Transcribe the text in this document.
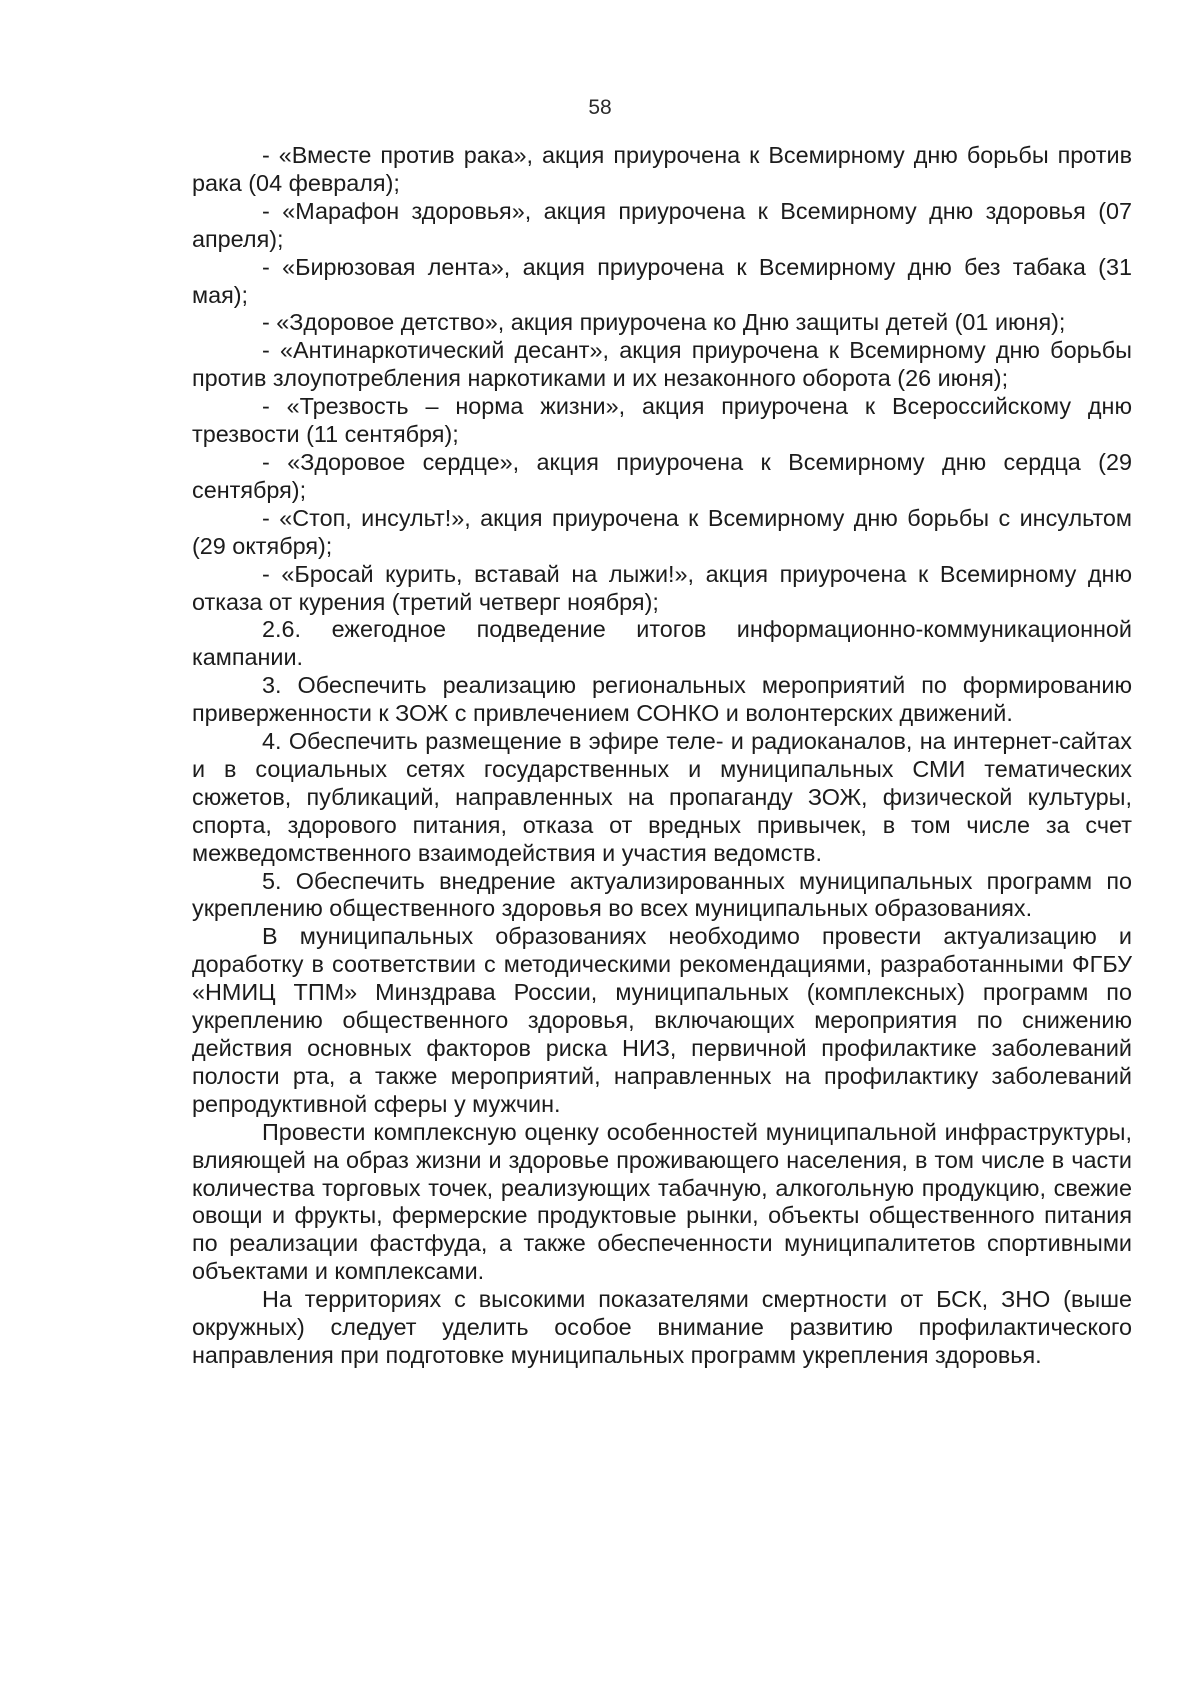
58

- «Вместе против рака», акция приурочена к Всемирному дню борьбы против рака (04 февраля);

- «Марафон здоровья», акция приурочена к Всемирному дню здоровья (07 апреля);

- «Бирюзовая лента», акция приурочена к Всемирному дню без табака (31 мая);

- «Здоровое детство», акция приурочена ко Дню защиты детей (01 июня);

- «Антинаркотический десант», акция приурочена к Всемирному дню борьбы против злоупотребления наркотиками и их незаконного оборота (26 июня);

- «Трезвость – норма жизни», акция приурочена к Всероссийскому дню трезвости (11 сентября);

- «Здоровое сердце», акция приурочена к Всемирному дню сердца (29 сентября);

- «Стоп, инсульт!», акция приурочена к Всемирному дню борьбы с инсультом (29 октября);

- «Бросай курить, вставай на лыжи!», акция приурочена к Всемирному дню отказа от курения (третий четверг ноября);

2.6. ежегодное подведение итогов информационно-коммуникационной кампании.

3. Обеспечить реализацию региональных мероприятий по формированию приверженности к ЗОЖ с привлечением СОНКО и волонтерских движений.

4. Обеспечить размещение в эфире теле- и радиоканалов, на интернет-сайтах и в социальных сетях государственных и муниципальных СМИ тематических сюжетов, публикаций, направленных на пропаганду ЗОЖ, физической культуры, спорта, здорового питания, отказа от вредных привычек, в том числе за счет межведомственного взаимодействия и участия ведомств.

5. Обеспечить внедрение актуализированных муниципальных программ по укреплению общественного здоровья во всех муниципальных образованиях.

В муниципальных образованиях необходимо провести актуализацию и доработку в соответствии с методическими рекомендациями, разработанными ФГБУ «НМИЦ ТПМ» Минздрава России, муниципальных (комплексных) программ по укреплению общественного здоровья, включающих мероприятия по снижению действия основных факторов риска НИЗ, первичной профилактике заболеваний полости рта, а также мероприятий, направленных на профилактику заболеваний репродуктивной сферы у мужчин.

Провести комплексную оценку особенностей муниципальной инфраструктуры, влияющей на образ жизни и здоровье проживающего населения, в том числе в части количества торговых точек, реализующих табачную, алкогольную продукцию, свежие овощи и фрукты, фермерские продуктовые рынки, объекты общественного питания по реализации фастфуда, а также обеспеченности муниципалитетов спортивными объектами и комплексами.

На территориях с высокими показателями смертности от БСК, ЗНО (выше окружных) следует уделить особое внимание развитию профилактического направления при подготовке муниципальных программ укрепления здоровья.
